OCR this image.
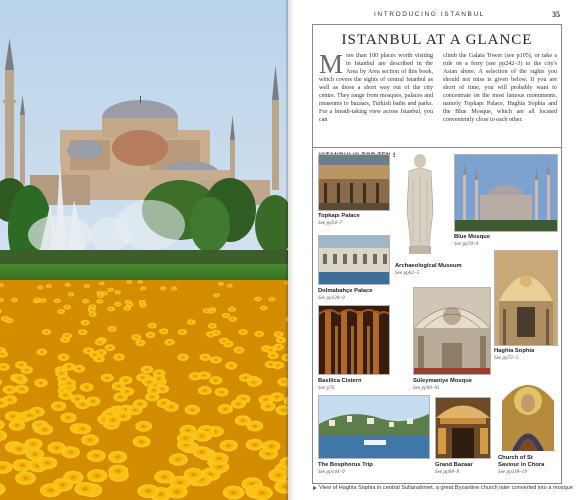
INTRODUCING ISTANBUL	35
ISTANBUL AT A GLANCE
M ore than 100 places worth visiting in Istanbul are described in the Area by Area section of this book, which covers the sights of central Istanbul as well as those a short way out of the city centre. They range from mosques, palaces and museums to bazaars, Turkish baths and parks. For a breath-taking view across Istanbul, you can
climb the Galata Tower (see p105), or take a ride on a ferry (see pp242–3) to the city's Asian shore. A selection of the sights you should not miss is given below. If you are short of time, you will probably want to concentrate on the most famous monuments, namely Topkapı Palace, Haghia Sophia and the Blue Mosque, which are all located conveniently close to each other.
Topkapı Palace
See pp54–7
Archaeological Museum
See pp62–5
Blue Mosque
See pp78–9
Dolmabahçe Palace
See pp128–9
Haghia Sophia
See pp72–5
Basilica Cistern
See p76
Süleymaniye Mosque
See pp90–91
The Bosphorus Trip
See pp144–9
Grand Bazaar
See pp98–9
Church of St
Saviour in Chora
See pp118–19
View of Haghia Sophia in central Sultanahmet, a great Byzantine church later converted into a mosque
